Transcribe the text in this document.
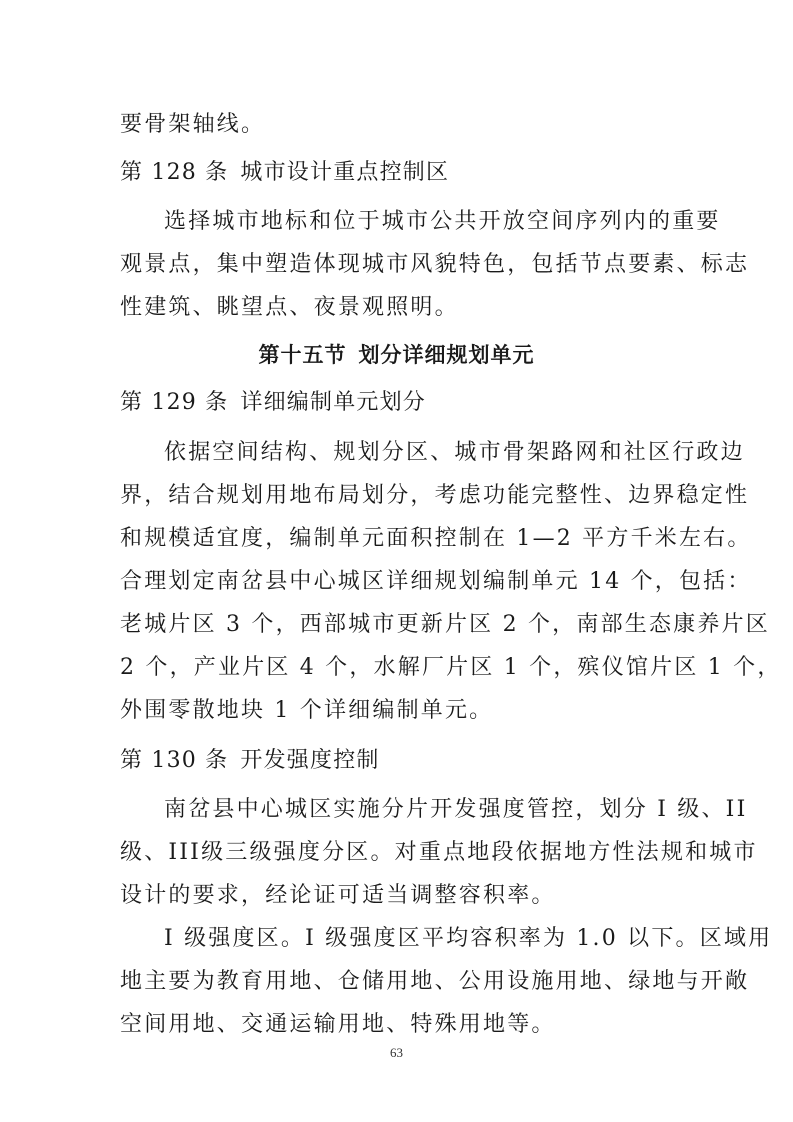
要骨架轴线。
第 128 条 城市设计重点控制区
选择城市地标和位于城市公共开放空间序列内的重要
观景点，集中塑造体现城市风貌特色，包括节点要素、标志
性建筑、眺望点、夜景观照明。
第十五节 划分详细规划单元
第 129 条 详细编制单元划分
依据空间结构、规划分区、城市骨架路网和社区行政边
界，结合规划用地布局划分，考虑功能完整性、边界稳定性
和规模适宜度，编制单元面积控制在 1—2 平方千米左右。
合理划定南岔县中心城区详细规划编制单元 14 个，包括：
老城片区 3 个，西部城市更新片区 2 个，南部生态康养片区
2 个，产业片区 4 个，水解厂片区 1 个，殡仪馆片区 1 个，
外围零散地块 1 个详细编制单元。
第 130 条 开发强度控制
南岔县中心城区实施分片开发强度管控，划分 I 级、II
级、III级三级强度分区。对重点地段依据地方性法规和城市
设计的要求，经论证可适当调整容积率。
I 级强度区。I 级强度区平均容积率为 1.0 以下。区域用
地主要为教育用地、仓储用地、公用设施用地、绿地与开敞
空间用地、交通运输用地、特殊用地等。
63
